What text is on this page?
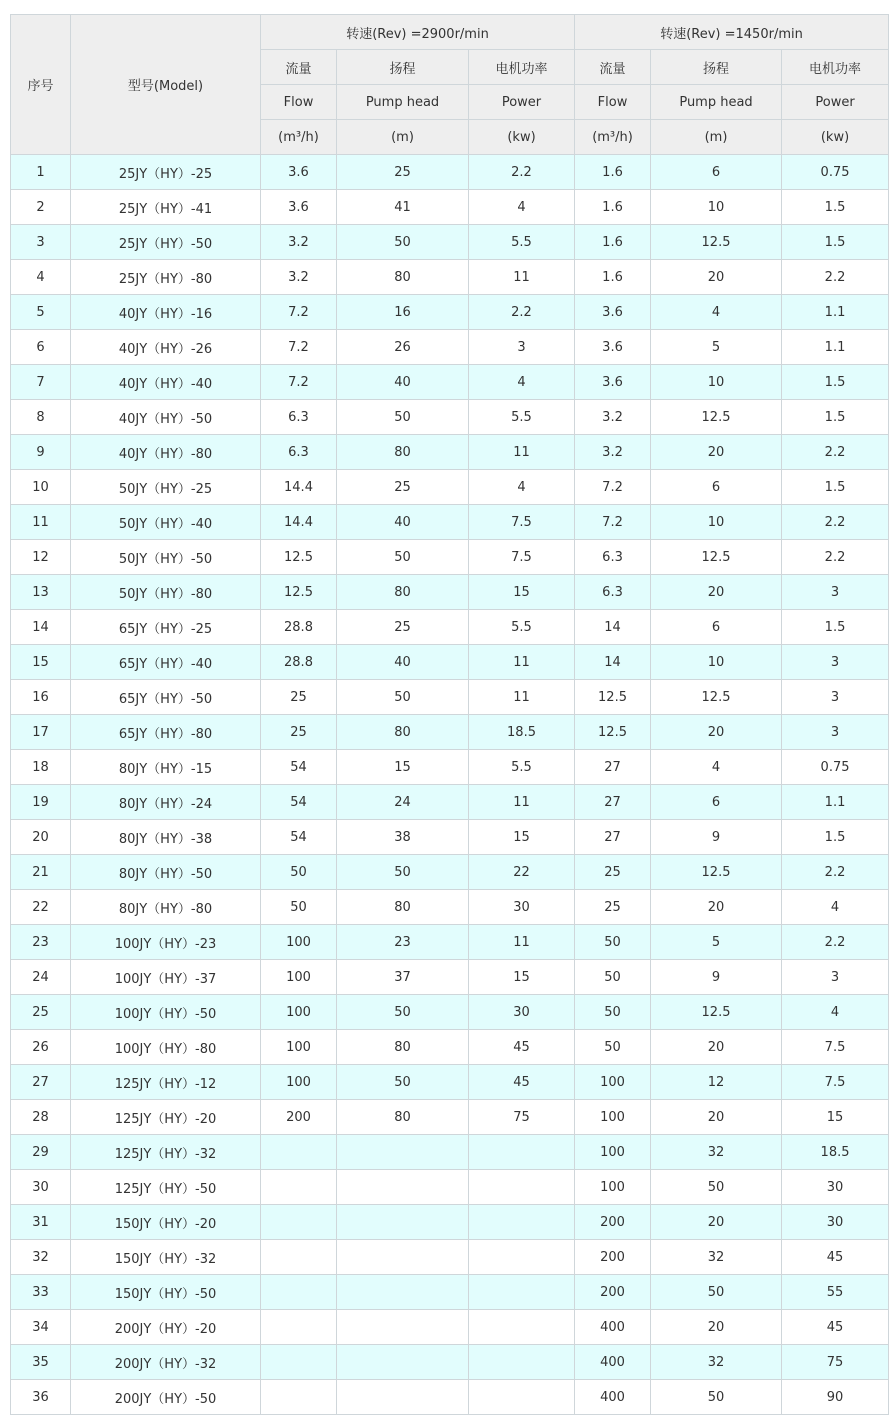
序号	型号(Model)	转速(Rev) =2900r/min			转速(Rev) =1450r/min		
		流量	扬程	电机功率	流量	扬程	电机功率
		Flow	Pump head	Power	Flow	Pump head	Power
		(m³/h)	(m)	(kw)	(m³/h)	(m)	(kw)
1	25JY（HY）-25	3.6	25	2.2	1.6	6	0.75
2	25JY（HY）-41	3.6	41	4	1.6	10	1.5
3	25JY（HY）-50	3.2	50	5.5	1.6	12.5	1.5
4	25JY（HY）-80	3.2	80	11	1.6	20	2.2
5	40JY（HY）-16	7.2	16	2.2	3.6	4	1.1
6	40JY（HY）-26	7.2	26	3	3.6	5	1.1
7	40JY（HY）-40	7.2	40	4	3.6	10	1.5
8	40JY（HY）-50	6.3	50	5.5	3.2	12.5	1.5
9	40JY（HY）-80	6.3	80	11	3.2	20	2.2
10	50JY（HY）-25	14.4	25	4	7.2	6	1.5
11	50JY（HY）-40	14.4	40	7.5	7.2	10	2.2
12	50JY（HY）-50	12.5	50	7.5	6.3	12.5	2.2
13	50JY（HY）-80	12.5	80	15	6.3	20	3
14	65JY（HY）-25	28.8	25	5.5	14	6	1.5
15	65JY（HY）-40	28.8	40	11	14	10	3
16	65JY（HY）-50	25	50	11	12.5	12.5	3
17	65JY（HY）-80	25	80	18.5	12.5	20	3
18	80JY（HY）-15	54	15	5.5	27	4	0.75
19	80JY（HY）-24	54	24	11	27	6	1.1
20	80JY（HY）-38	54	38	15	27	9	1.5
21	80JY（HY）-50	50	50	22	25	12.5	2.2
22	80JY（HY）-80	50	80	30	25	20	4
23	100JY（HY）-23	100	23	11	50	5	2.2
24	100JY（HY）-37	100	37	15	50	9	3
25	100JY（HY）-50	100	50	30	50	12.5	4
26	100JY（HY）-80	100	80	45	50	20	7.5
27	125JY（HY）-12	100	50	45	100	12	7.5
28	125JY（HY）-20	200	80	75	100	20	15
29	125JY（HY）-32				100	32	18.5
30	125JY（HY）-50				100	50	30
31	150JY（HY）-20				200	20	30
32	150JY（HY）-32				200	32	45
33	150JY（HY）-50				200	50	55
34	200JY（HY）-20				400	20	45
35	200JY（HY）-32				400	32	75
36	200JY（HY）-50				400	50	90
